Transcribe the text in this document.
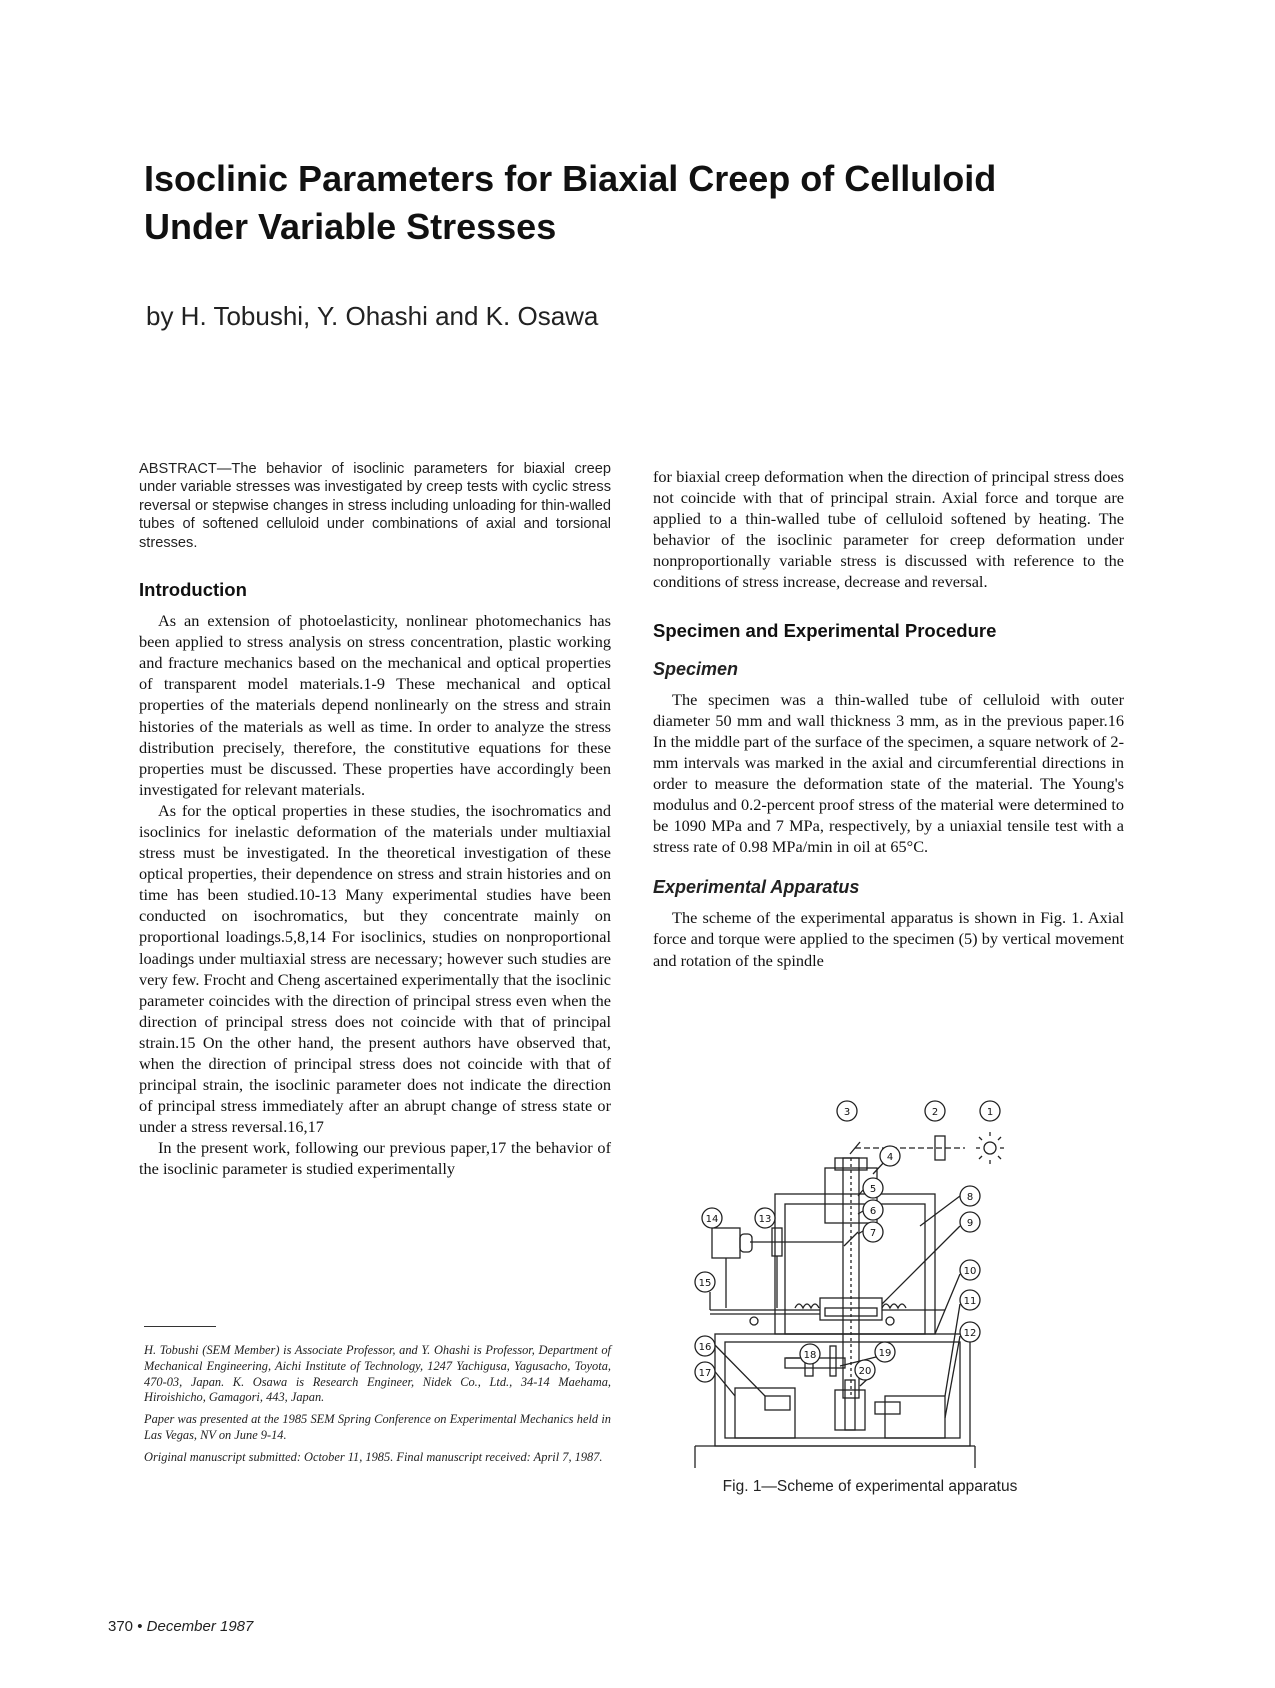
Isoclinic Parameters for Biaxial Creep of Celluloid
Under Variable Stresses

by H. Tobushi, Y. Ohashi and K. Osawa

ABSTRACT—The behavior of isoclinic parameters for biaxial creep under variable stresses was investigated by creep tests with cyclic stress reversal or stepwise changes in stress including unloading for thin-walled tubes of softened celluloid under combinations of axial and torsional stresses.

Introduction

As an extension of photoelasticity, nonlinear photomechanics has been applied to stress analysis on stress concentration, plastic working and fracture mechanics based on the mechanical and optical properties of transparent model materials.1-9 These mechanical and optical properties of the materials depend nonlinearly on the stress and strain histories of the materials as well as time. In order to analyze the stress distribution precisely, therefore, the constitutive equations for these properties must be discussed. These properties have accordingly been investigated for relevant materials.

As for the optical properties in these studies, the isochromatics and isoclinics for inelastic deformation of the materials under multiaxial stress must be investigated. In the theoretical investigation of these optical properties, their dependence on stress and strain histories and on time has been studied.10-13 Many experimental studies have been conducted on isochromatics, but they concentrate mainly on proportional loadings.5,8,14 For isoclinics, studies on nonproportional loadings under multiaxial stress are necessary; however such studies are very few. Frocht and Cheng ascertained experimentally that the isoclinic parameter coincides with the direction of principal stress even when the direction of principal stress does not coincide with that of principal strain.15 On the other hand, the present authors have observed that, when the direction of principal stress does not coincide with that of principal strain, the isoclinic parameter does not indicate the direction of principal stress immediately after an abrupt change of stress state or under a stress reversal.16,17

In the present work, following our previous paper,17 the behavior of the isoclinic parameter is studied experimentally

for biaxial creep deformation when the direction of principal stress does not coincide with that of principal strain. Axial force and torque are applied to a thin-walled tube of celluloid softened by heating. The behavior of the isoclinic parameter for creep deformation under nonproportionally variable stress is discussed with reference to the conditions of stress increase, decrease and reversal.

Specimen and Experimental Procedure
Specimen

The specimen was a thin-walled tube of celluloid with outer diameter 50 mm and wall thickness 3 mm, as in the previous paper.16 In the middle part of the surface of the specimen, a square network of 2-mm intervals was marked in the axial and circumferential directions in order to measure the deformation state of the material. The Young's modulus and 0.2-percent proof stress of the material were determined to be 1090 MPa and 7 MPa, respectively, by a uniaxial tensile test with a stress rate of 0.98 MPa/min in oil at 65°C.

Experimental Apparatus

The scheme of the experimental apparatus is shown in Fig. 1. Axial force and torque were applied to the specimen (5) by vertical movement and rotation of the spindle

1
2
3
4
5
6
7
8
9
10
11
12
13
14
15
16
17
18	19
20

Fig. 1—Scheme of experimental apparatus

H. Tobushi (SEM Member) is Associate Professor, and Y. Ohashi is Professor, Department of Mechanical Engineering, Aichi Institute of Technology, 1247 Yachigusa, Yagusacho, Toyota, 470-03, Japan. K. Osawa is Research Engineer, Nidek Co., Ltd., 34-14 Maehama, Hiroishicho, Gamagori, 443, Japan.

Paper was presented at the 1985 SEM Spring Conference on Experimental Mechanics held in Las Vegas, NV on June 9-14.

Original manuscript submitted: October 11, 1985. Final manuscript received: April 7, 1987.

370 • December 1987
